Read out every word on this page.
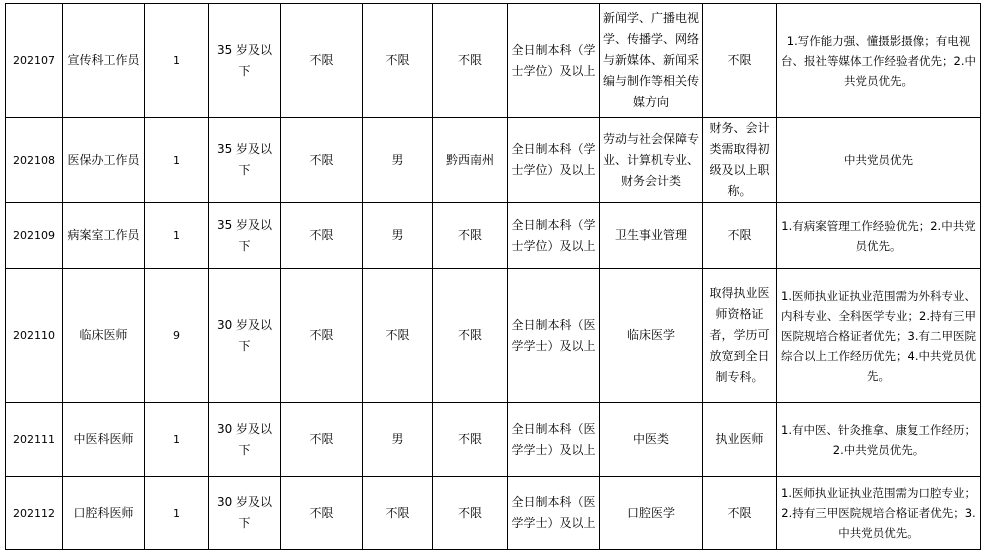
202107	宣传科工作员	1	35 岁及以下	不限	不限	不限	全日制本科（学士学位）及以上	新闻学、广播电视学、传播学、网络与新媒体、新闻采编与制作等相关传媒方向	不限	1.写作能力强、懂摄影摄像；有电视台、报社等媒体工作经验者优先；2.中共党员优先。
202108	医保办工作员	1	35 岁及以下	不限	男	黔西南州	全日制本科（学士学位）及以上	劳动与社会保障专业、计算机专业、财务会计类	财务、会计类需取得初级及以上职称。	中共党员优先
202109	病案室工作员	1	35 岁及以下	不限	男	不限	全日制本科（学士学位）及以上	卫生事业管理	不限	1.有病案管理工作经验优先；2.中共党员优先。
202110	临床医师	9	30 岁及以下	不限	不限	不限	全日制本科（医学学士）及以上	临床医学	取得执业医师资格证者，学历可放宽到全日制专科。	1.医师执业证执业范围需为外科专业、内科专业、全科医学专业；2.持有三甲医院规培合格证者优先；3.有二甲医院综合以上工作经历优先；4.中共党员优先。
202111	中医科医师	1	30 岁及以下	不限	男	不限	全日制本科（医学学士）及以上	中医类	执业医师	1.有中医、针灸推拿、康复工作经历；2.中共党员优先。
202112	口腔科医师	1	30 岁及以下	不限	不限	不限	全日制本科（医学学士）及以上	口腔医学	不限	1.医师执业证执业范围需为口腔专业；2.持有三甲医院规培合格证者优先；3.中共党员优先。
